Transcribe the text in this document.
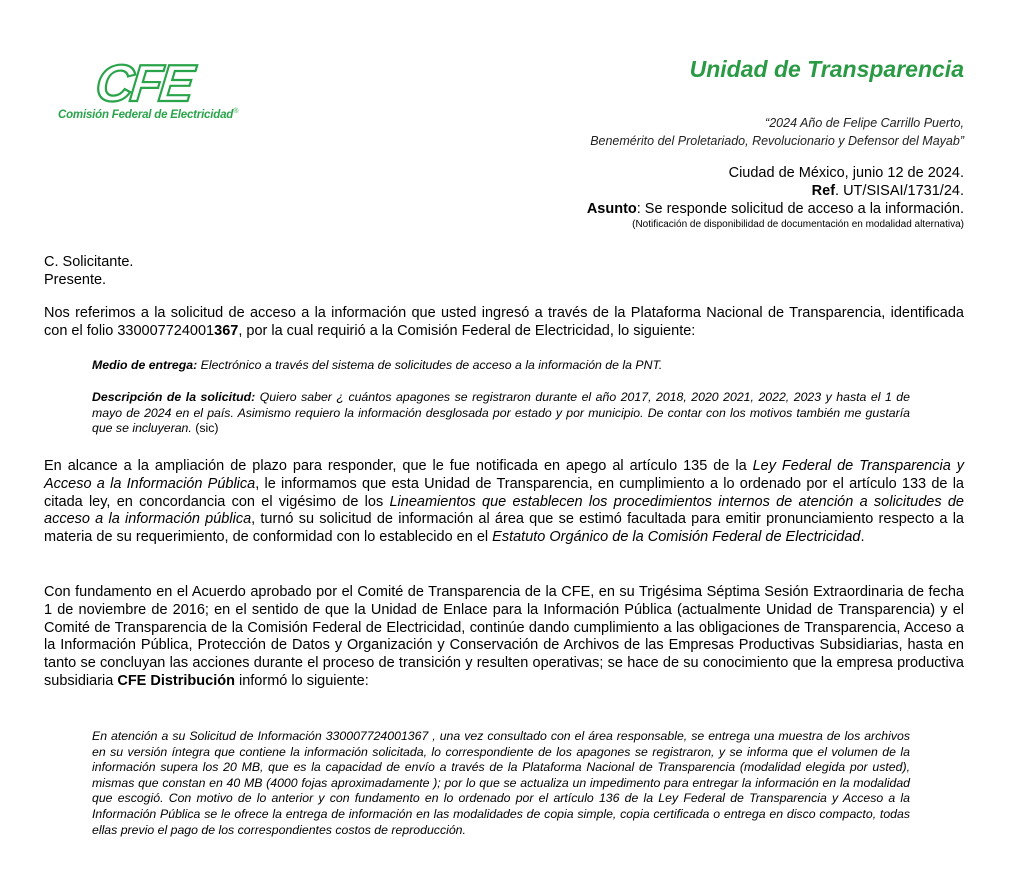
CFE
Comisión Federal de Electricidad®
Unidad de Transparencia
“2024 Año de Felipe Carrillo Puerto,
Benemérito del Proletariado, Revolucionario y Defensor del Mayab”
Ciudad de México, junio 12 de 2024.
Ref. UT/SISAI/1731/24.
Asunto: Se responde solicitud de acceso a la información.
(Notificación de disponibilidad de documentación en modalidad alternativa)
C. Solicitante.
Presente.
Nos referimos a la solicitud de acceso a la información que usted ingresó a través de la Plataforma Nacional de Transparencia, identificada con el folio 330007724001367, por la cual requirió a la Comisión Federal de Electricidad, lo siguiente:
Medio de entrega: Electrónico a través del sistema de solicitudes de acceso a la información de la PNT.
Descripción de la solicitud: Quiero saber ¿ cuántos apagones se registraron durante el año 2017, 2018, 2020 2021, 2022, 2023 y hasta el 1 de mayo de 2024 en el país. Asimismo requiero la información desglosada por estado y por municipio. De contar con los motivos también me gustaría que se incluyeran. (sic)
En alcance a la ampliación de plazo para responder, que le fue notificada en apego al artículo 135 de la Ley Federal de Transparencia y Acceso a la Información Pública, le informamos que esta Unidad de Transparencia, en cumplimiento a lo ordenado por el artículo 133 de la citada ley, en concordancia con el vigésimo de los Lineamientos que establecen los procedimientos internos de atención a solicitudes de acceso a la información pública, turnó su solicitud de información al área que se estimó facultada para emitir pronunciamiento respecto a la materia de su requerimiento, de conformidad con lo establecido en el Estatuto Orgánico de la Comisión Federal de Electricidad.
Con fundamento en el Acuerdo aprobado por el Comité de Transparencia de la CFE, en su Trigésima Séptima Sesión Extraordinaria de fecha 1 de noviembre de 2016; en el sentido de que la Unidad de Enlace para la Información Pública (actualmente Unidad de Transparencia) y el Comité de Transparencia de la Comisión Federal de Electricidad, continúe dando cumplimiento a las obligaciones de Transparencia, Acceso a la Información Pública, Protección de Datos y Organización y Conservación de Archivos de las Empresas Productivas Subsidiarias, hasta en tanto se concluyan las acciones durante el proceso de transición y resulten operativas; se hace de su conocimiento que la empresa productiva subsidiaria CFE Distribución informó lo siguiente:
En atención a su Solicitud de Información 330007724001367 , una vez consultado con el área responsable, se entrega una muestra de los archivos en su versión íntegra que contiene la información solicitada, lo correspondiente de los apagones se registraron, y se informa que el volumen de la información supera los 20 MB, que es la capacidad de envío a través de la Plataforma Nacional de Transparencia (modalidad elegida por usted), mismas que constan en 40 MB (4000 fojas aproximadamente ); por lo que se actualiza un impedimento para entregar la información en la modalidad que escogió. Con motivo de lo anterior y con fundamento en lo ordenado por el artículo 136 de la Ley Federal de Transparencia y Acceso a la Información Pública se le ofrece la entrega de información en las modalidades de copia simple, copia certificada o entrega en disco compacto, todas ellas previo el pago de los correspondientes costos de reproducción.
